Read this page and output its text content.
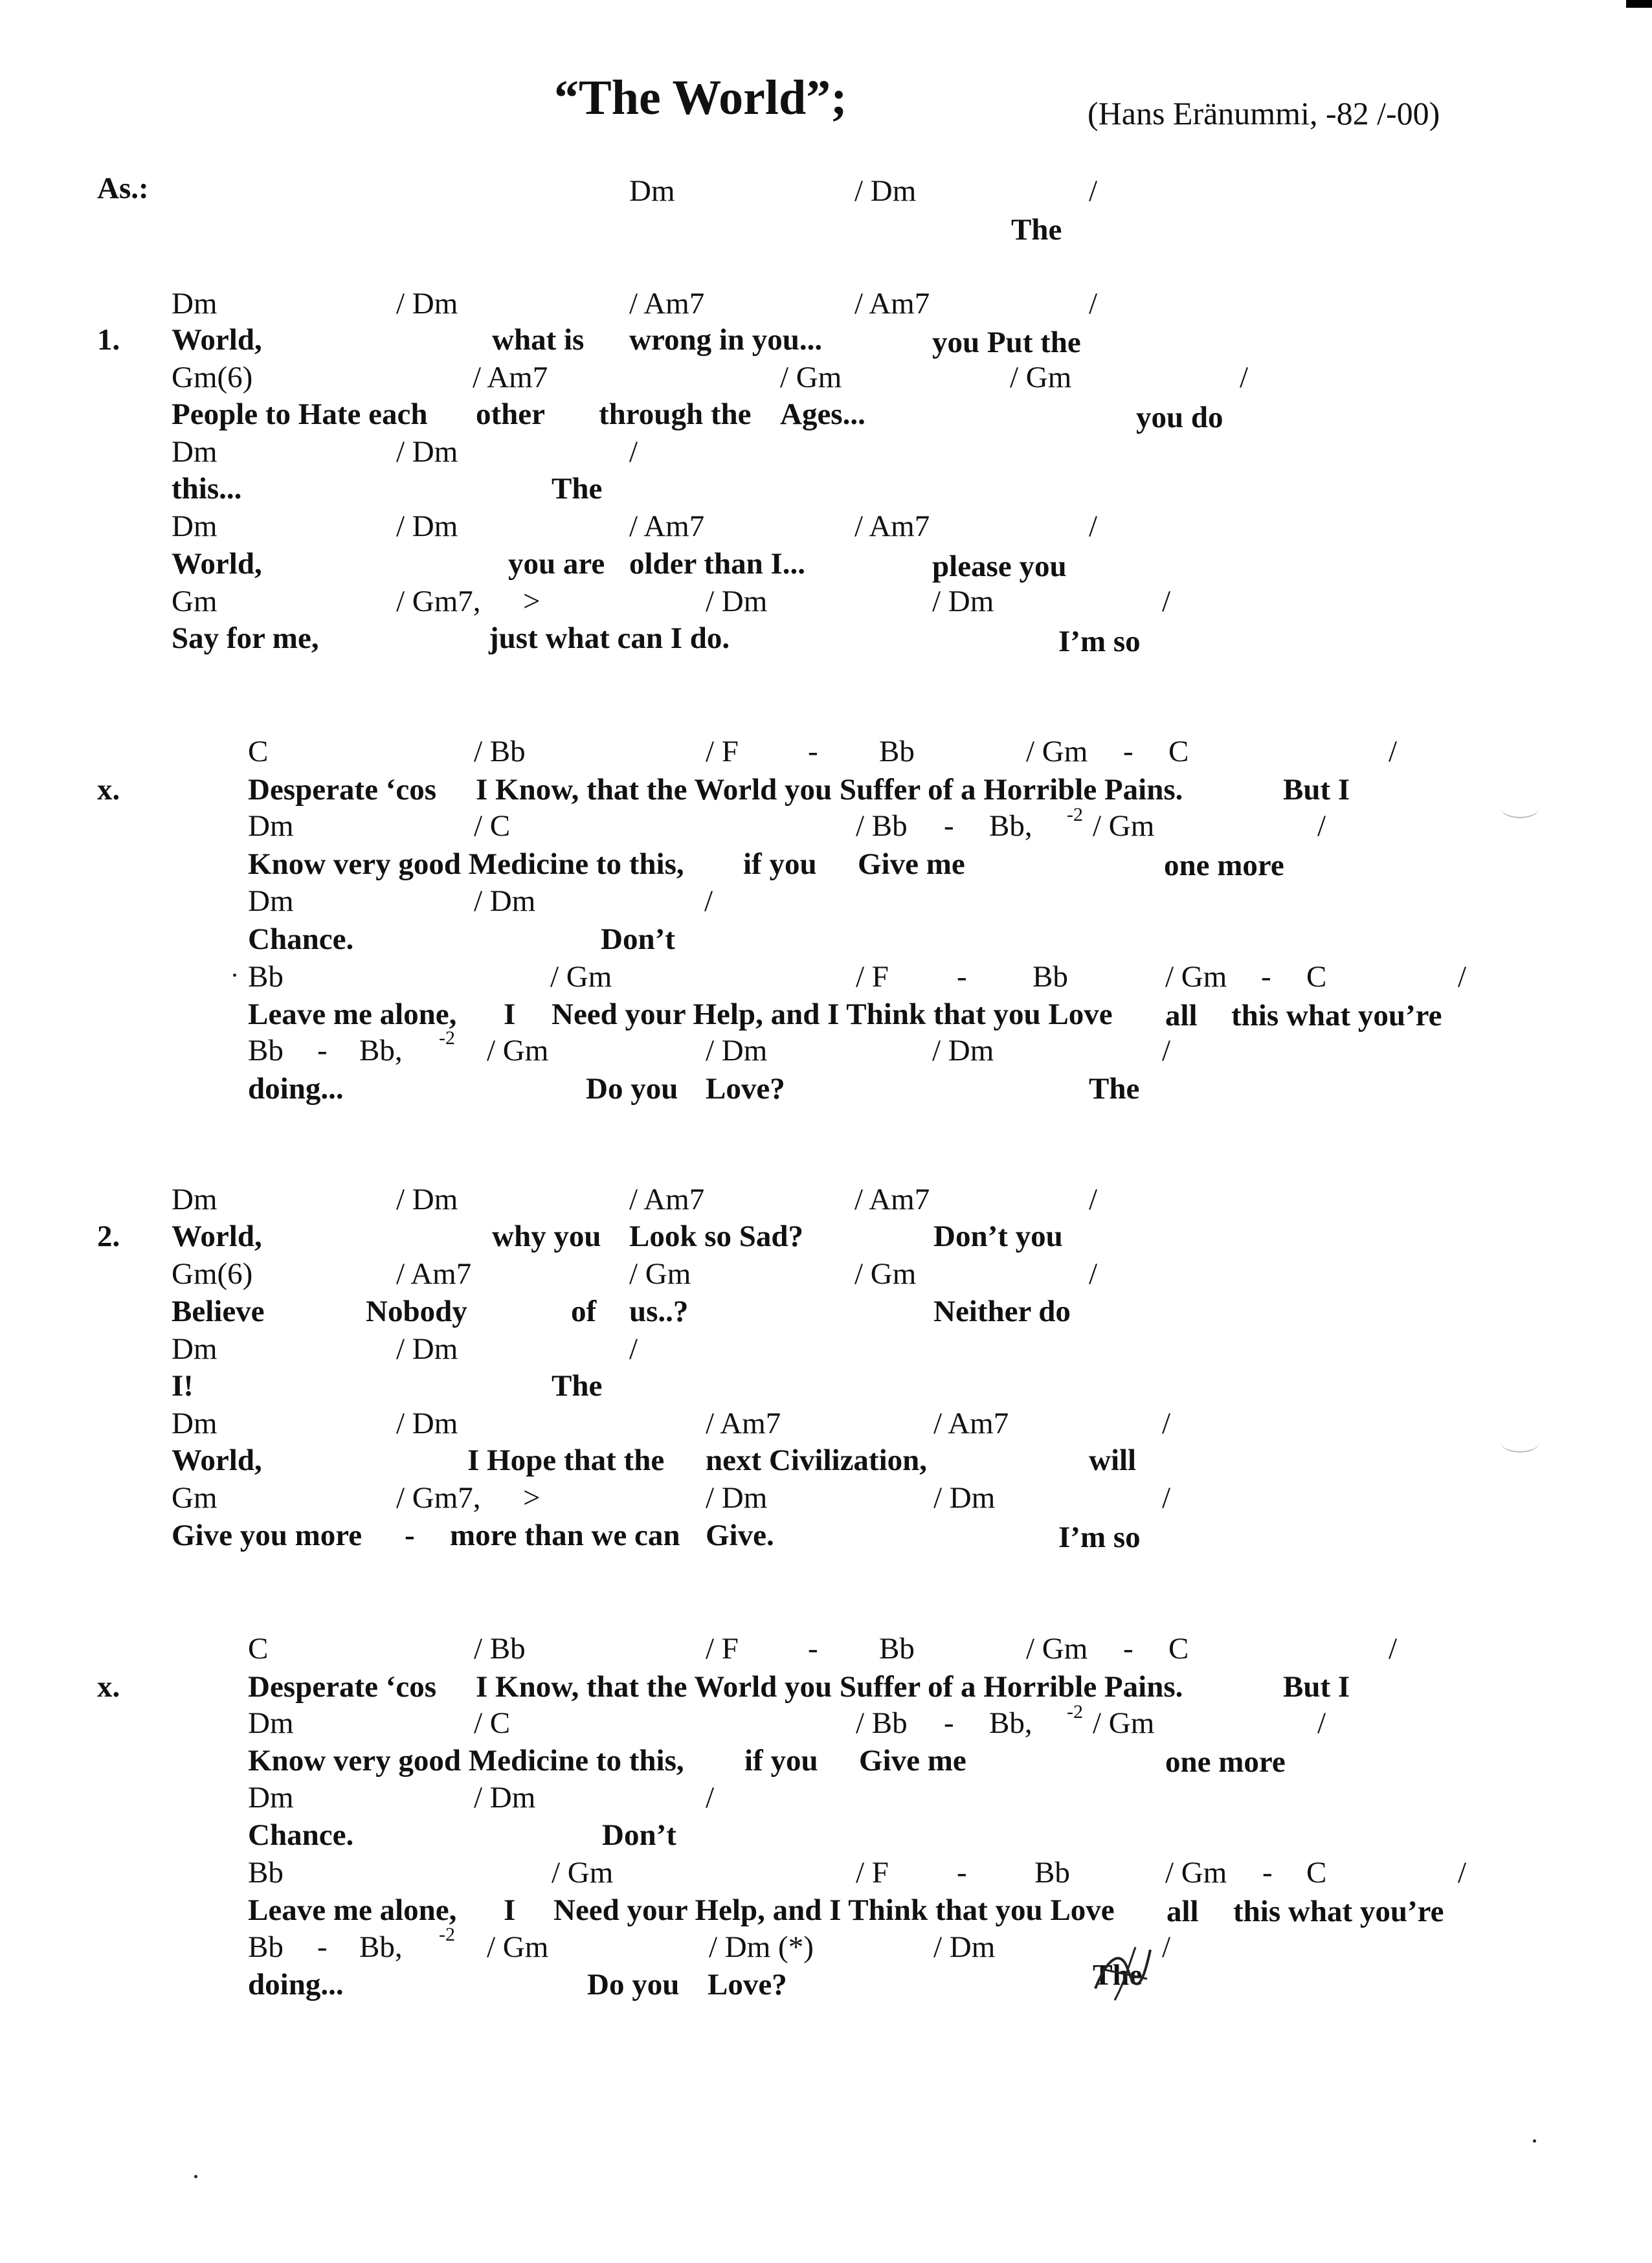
“The World”;	(Hans Eränummi, -82 /-00)
As.:	Dm	/ Dm	/
The
1.
Dm	/ Dm	/ Am7	/ Am7	/
World,	what is wrong in you...	you Put the
Gm(6)	/ Am7	/ Gm	/ Gm	/
People to Hate each other through the Ages...	you do
Dm	/ Dm	/
this...	The
Dm	/ Dm	/ Am7	/ Am7	/
World,	you are older than I...	please you
Gm	/ Gm7, >	/ Dm	/ Dm	/
Say for me,	just what can I do.	I’m so
x.
C	/ Bb	/ F - Bb	/ Gm - C	/
Desperate ‘cos I Know, that the World you Suffer of a Horrible Pains.	But I
Dm	/ C	/ Bb - Bb, -2 / Gm	/
Know very good Medicine to this, if you Give me	one more
Dm	/ Dm	/
Chance.	Don’t
Bb	/ Gm	/ F - Bb	/ Gm - C	/
Leave me alone, I Need your Help, and I Think that you Love all this what you’re
Bb - Bb, -2 / Gm	/ Dm	/ Dm	/
doing...	Do you Love?	The
2.
Dm	/ Dm	/ Am7	/ Am7	/
World,	why you Look so Sad?	Don’t you
Gm(6)	/ Am7	/ Gm	/ Gm	/
Believe	Nobody	of us..?	Neither do
Dm	/ Dm	/
I!	The
Dm	/ Dm	/ Am7	/ Am7	/
World,	I Hope that the next Civilization,	will
Gm	/ Gm7, >	/ Dm	/ Dm	/
Give you more - more than we can Give.	I’m so
x.
C	/ Bb	/ F - Bb	/ Gm - C	/
Desperate ‘cos I Know, that the World you Suffer of a Horrible Pains.	But I
Dm	/ C	/ Bb - Bb, -2 / Gm	/
Know very good Medicine to this, if you Give me	one more
Dm	/ Dm	/
Chance.	Don’t
Bb	/ Gm	/ F - Bb	/ Gm - C	/
Leave me alone, I Need your Help, and I Think that you Love all this what you’re
Bb - Bb, -2 / Gm	/ Dm (*)	/ Dm	/
doing...	Do you Love?	The
